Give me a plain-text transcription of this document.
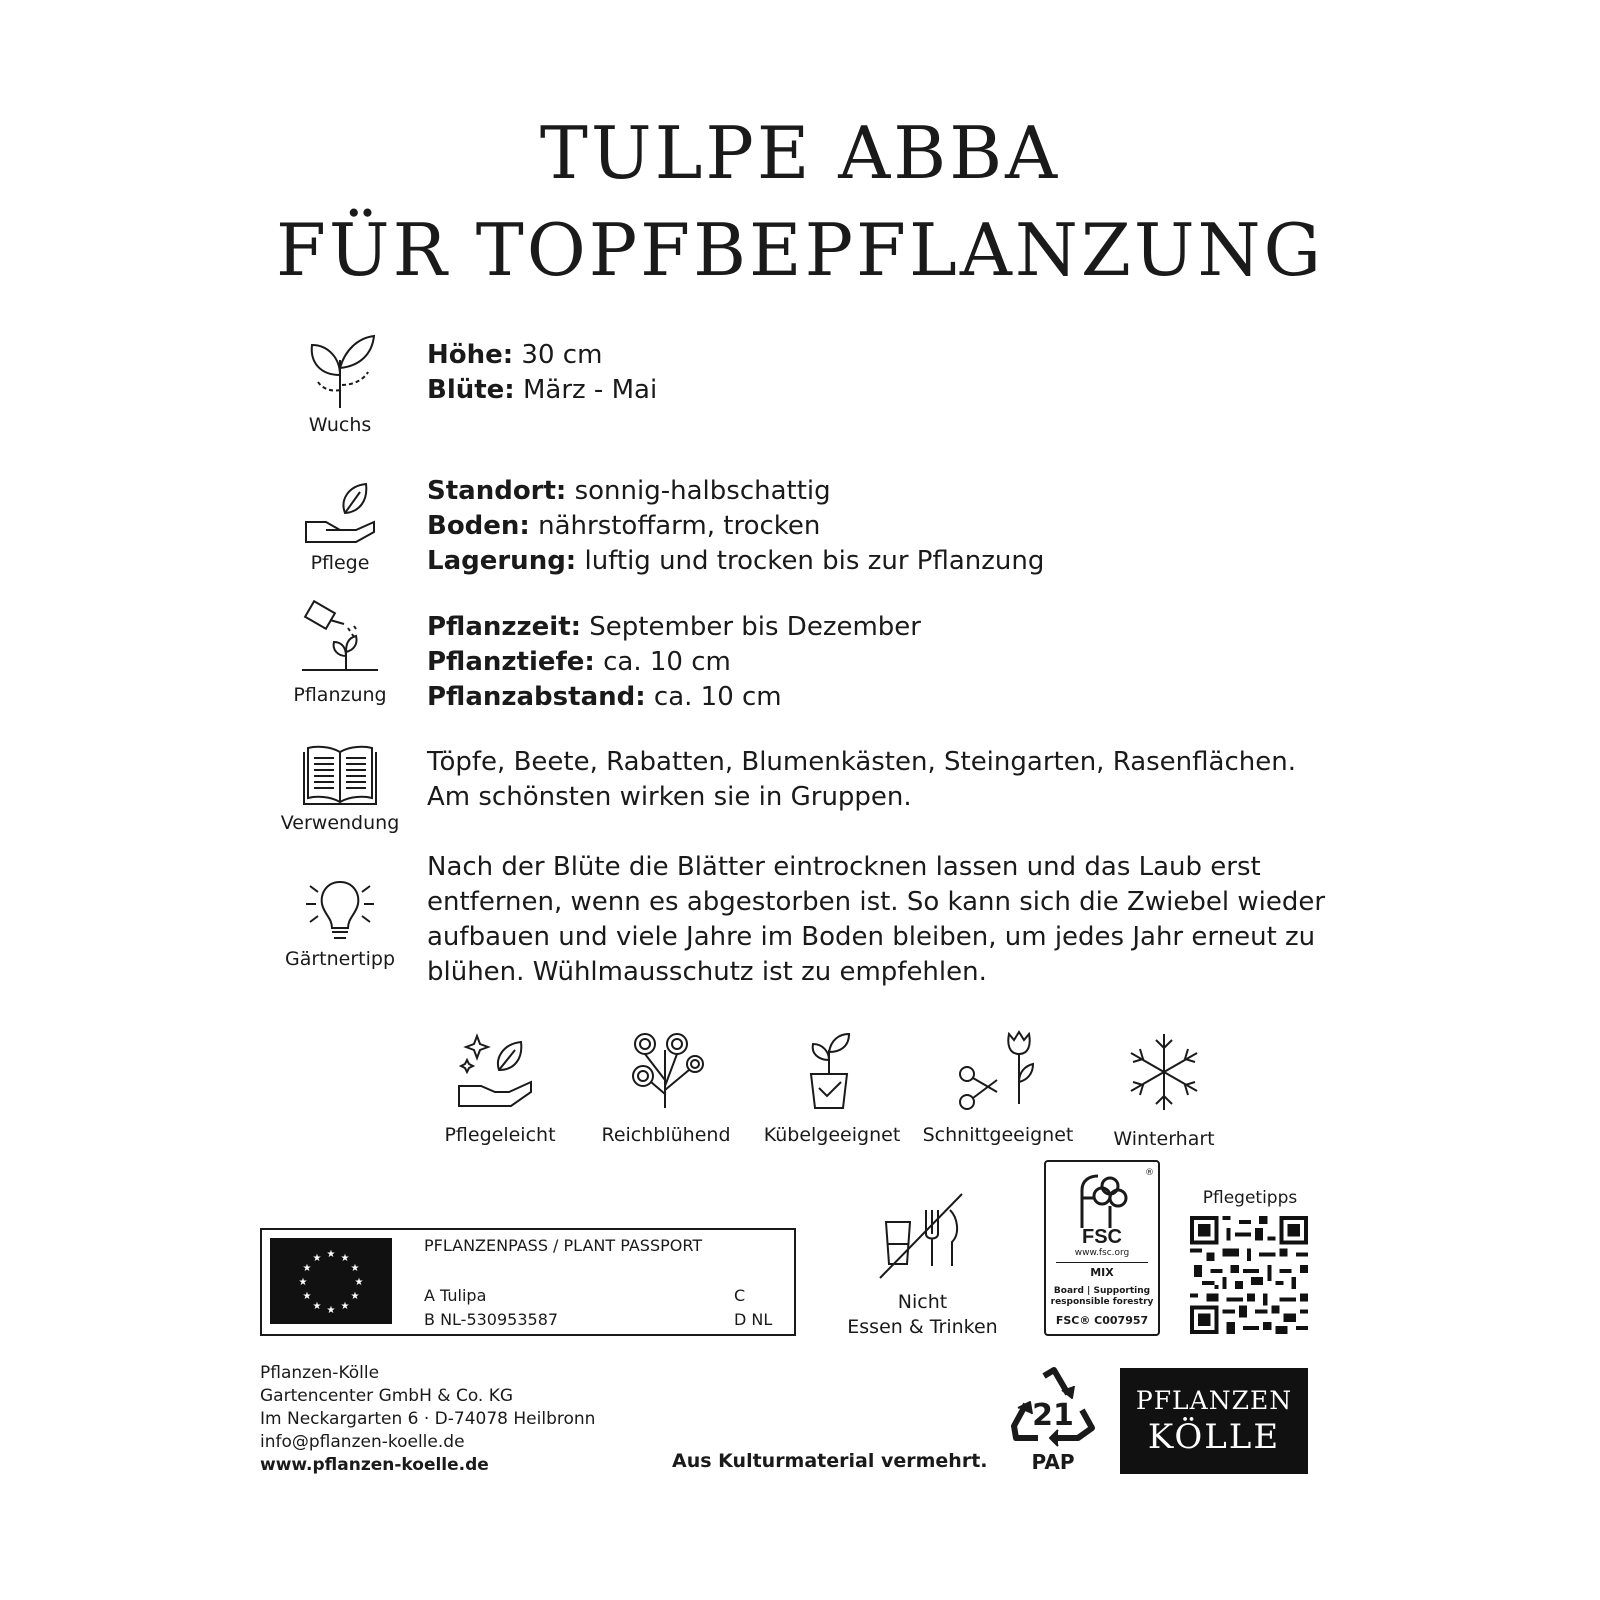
TULPE ABBA
FÜR TOPFBEPFLANZUNG
Wuchs
Höhe: 30 cm
Blüte: März - Mai
Pflege
Standort: sonnig-halbschattig
Boden: nährstoffarm, trocken
Lagerung: luftig und trocken bis zur Pflanzung
Pflanzung
Pflanzzeit: September bis Dezember
Pflanztiefe: ca. 10 cm
Pflanzabstand: ca. 10 cm
Verwendung
Töpfe, Beete, Rabatten, Blumenkästen, Steingarten, Rasenflächen. Am schönsten wirken sie in Gruppen.
Gärtnertipp
Nach der Blüte die Blätter eintrocknen lassen und das Laub erst entfernen, wenn es abgestorben ist. So kann sich die Zwiebel wieder aufbauen und viele Jahre im Boden bleiben, um jedes Jahr erneut zu blühen. Wühlmausschutz ist zu empfehlen.
Pflegeleicht	Reichblühend	Kübelgeeignet	Schnittgeeignet	Winterhart
★ ★
★
★
★
★
★
★
★
★
★
★
PFLANZENPASS / PLANT PASSPORT
A Tulipa
B NL-530953587
C
D NL
Nicht
Essen & Trinken
®
FSC
www.fsc.org
MIX
Board | Supporting
responsible forestry
FSC® C007957
Pflegetipps
Pflanzen-Kölle
Gartencenter GmbH & Co. KG
Im Neckargarten 6 · D-74078 Heilbronn
info@pflanzen-koelle.de
www.pflanzen-koelle.de	Aus Kulturmaterial vermehrt.
21
PAP
PFLANZEN
KÖLLE
